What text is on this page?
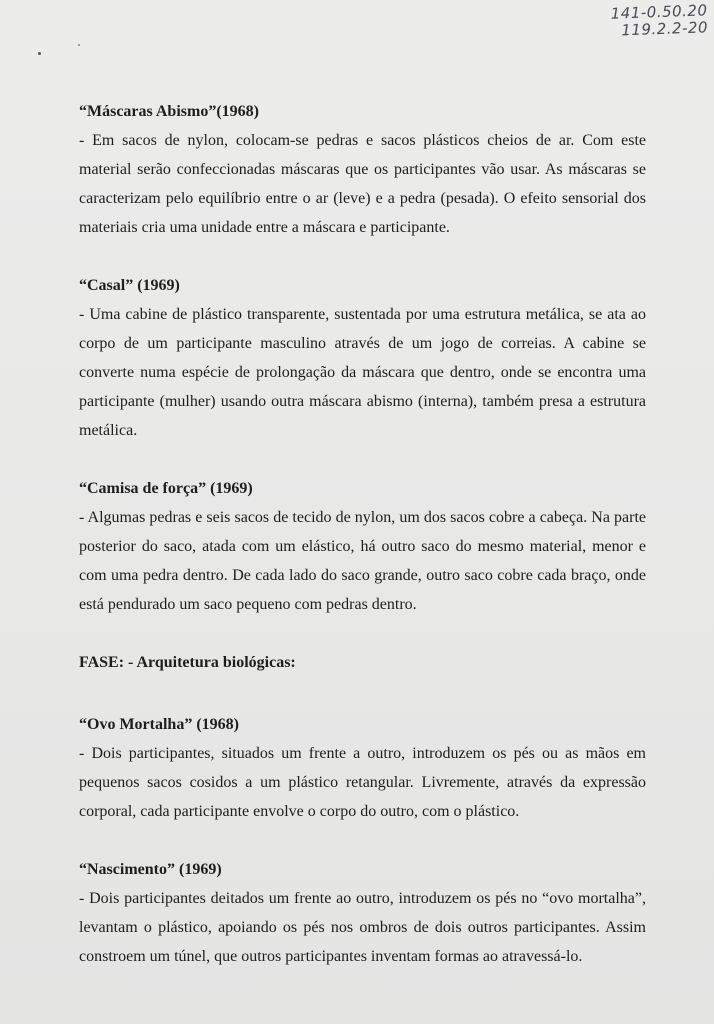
141-0.50.20
119.2.2-20

“Máscaras Abismo”(1968)

- Em sacos de nylon, colocam-se pedras e sacos plásticos cheios de ar. Com este material serão confeccionadas máscaras que os participantes vão usar. As máscaras se caracterizam pelo equilíbrio entre o ar (leve) e a pedra (pesada). O efeito sensorial dos materiais cria uma unidade entre a máscara e participante.

“Casal” (1969)

- Uma cabine de plástico transparente, sustentada por uma estrutura metálica, se ata ao corpo de um participante masculino através de um jogo de correias. A cabine se converte numa espécie de prolongação da máscara que dentro, onde se encontra uma participante (mulher) usando outra máscara abismo (interna), também presa a estrutura metálica.

“Camisa de força” (1969)

- Algumas pedras e seis sacos de tecido de nylon, um dos sacos cobre a cabeça. Na parte posterior do saco, atada com um elástico, há outro saco do mesmo material, menor e com uma pedra dentro. De cada lado do saco grande, outro saco cobre cada braço, onde está pendurado um saco pequeno com pedras dentro.

FASE: - Arquitetura biológicas:

“Ovo Mortalha” (1968)

- Dois participantes, situados um frente a outro, introduzem os pés ou as mãos em pequenos sacos cosidos a um plástico retangular. Livremente, através da expressão corporal, cada participante envolve o corpo do outro, com o plástico.

“Nascimento” (1969)

- Dois participantes deitados um frente ao outro, introduzem os pés no “ovo mortalha”, levantam o plástico, apoiando os pés nos ombros de dois outros participantes. Assim constroem um túnel, que outros participantes inventam formas ao atravessá-lo.
